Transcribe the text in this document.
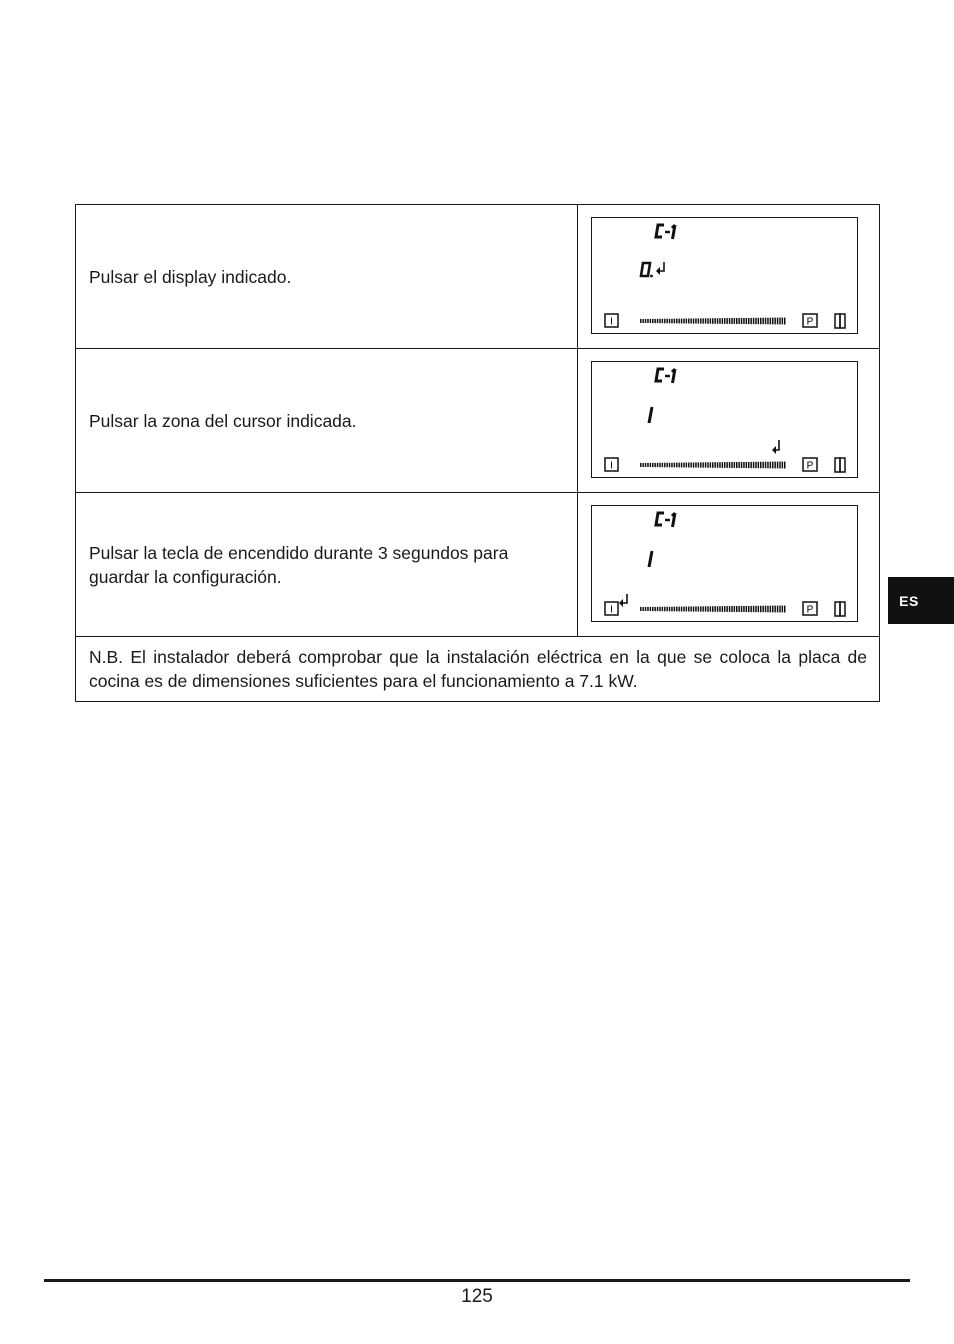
Pulsar el display indicado.	I P

Pulsar la zona del cursor indicada.	I P

Pulsar la tecla de encendido durante 3 segundos para guardar la configuración.	I P

N.B. El instalador deberá comprobar que la instalación eléctrica en la que se coloca la placa de cocina es de dimensiones suficientes para el funcionamiento a 7.1 kW.	
ES
125
